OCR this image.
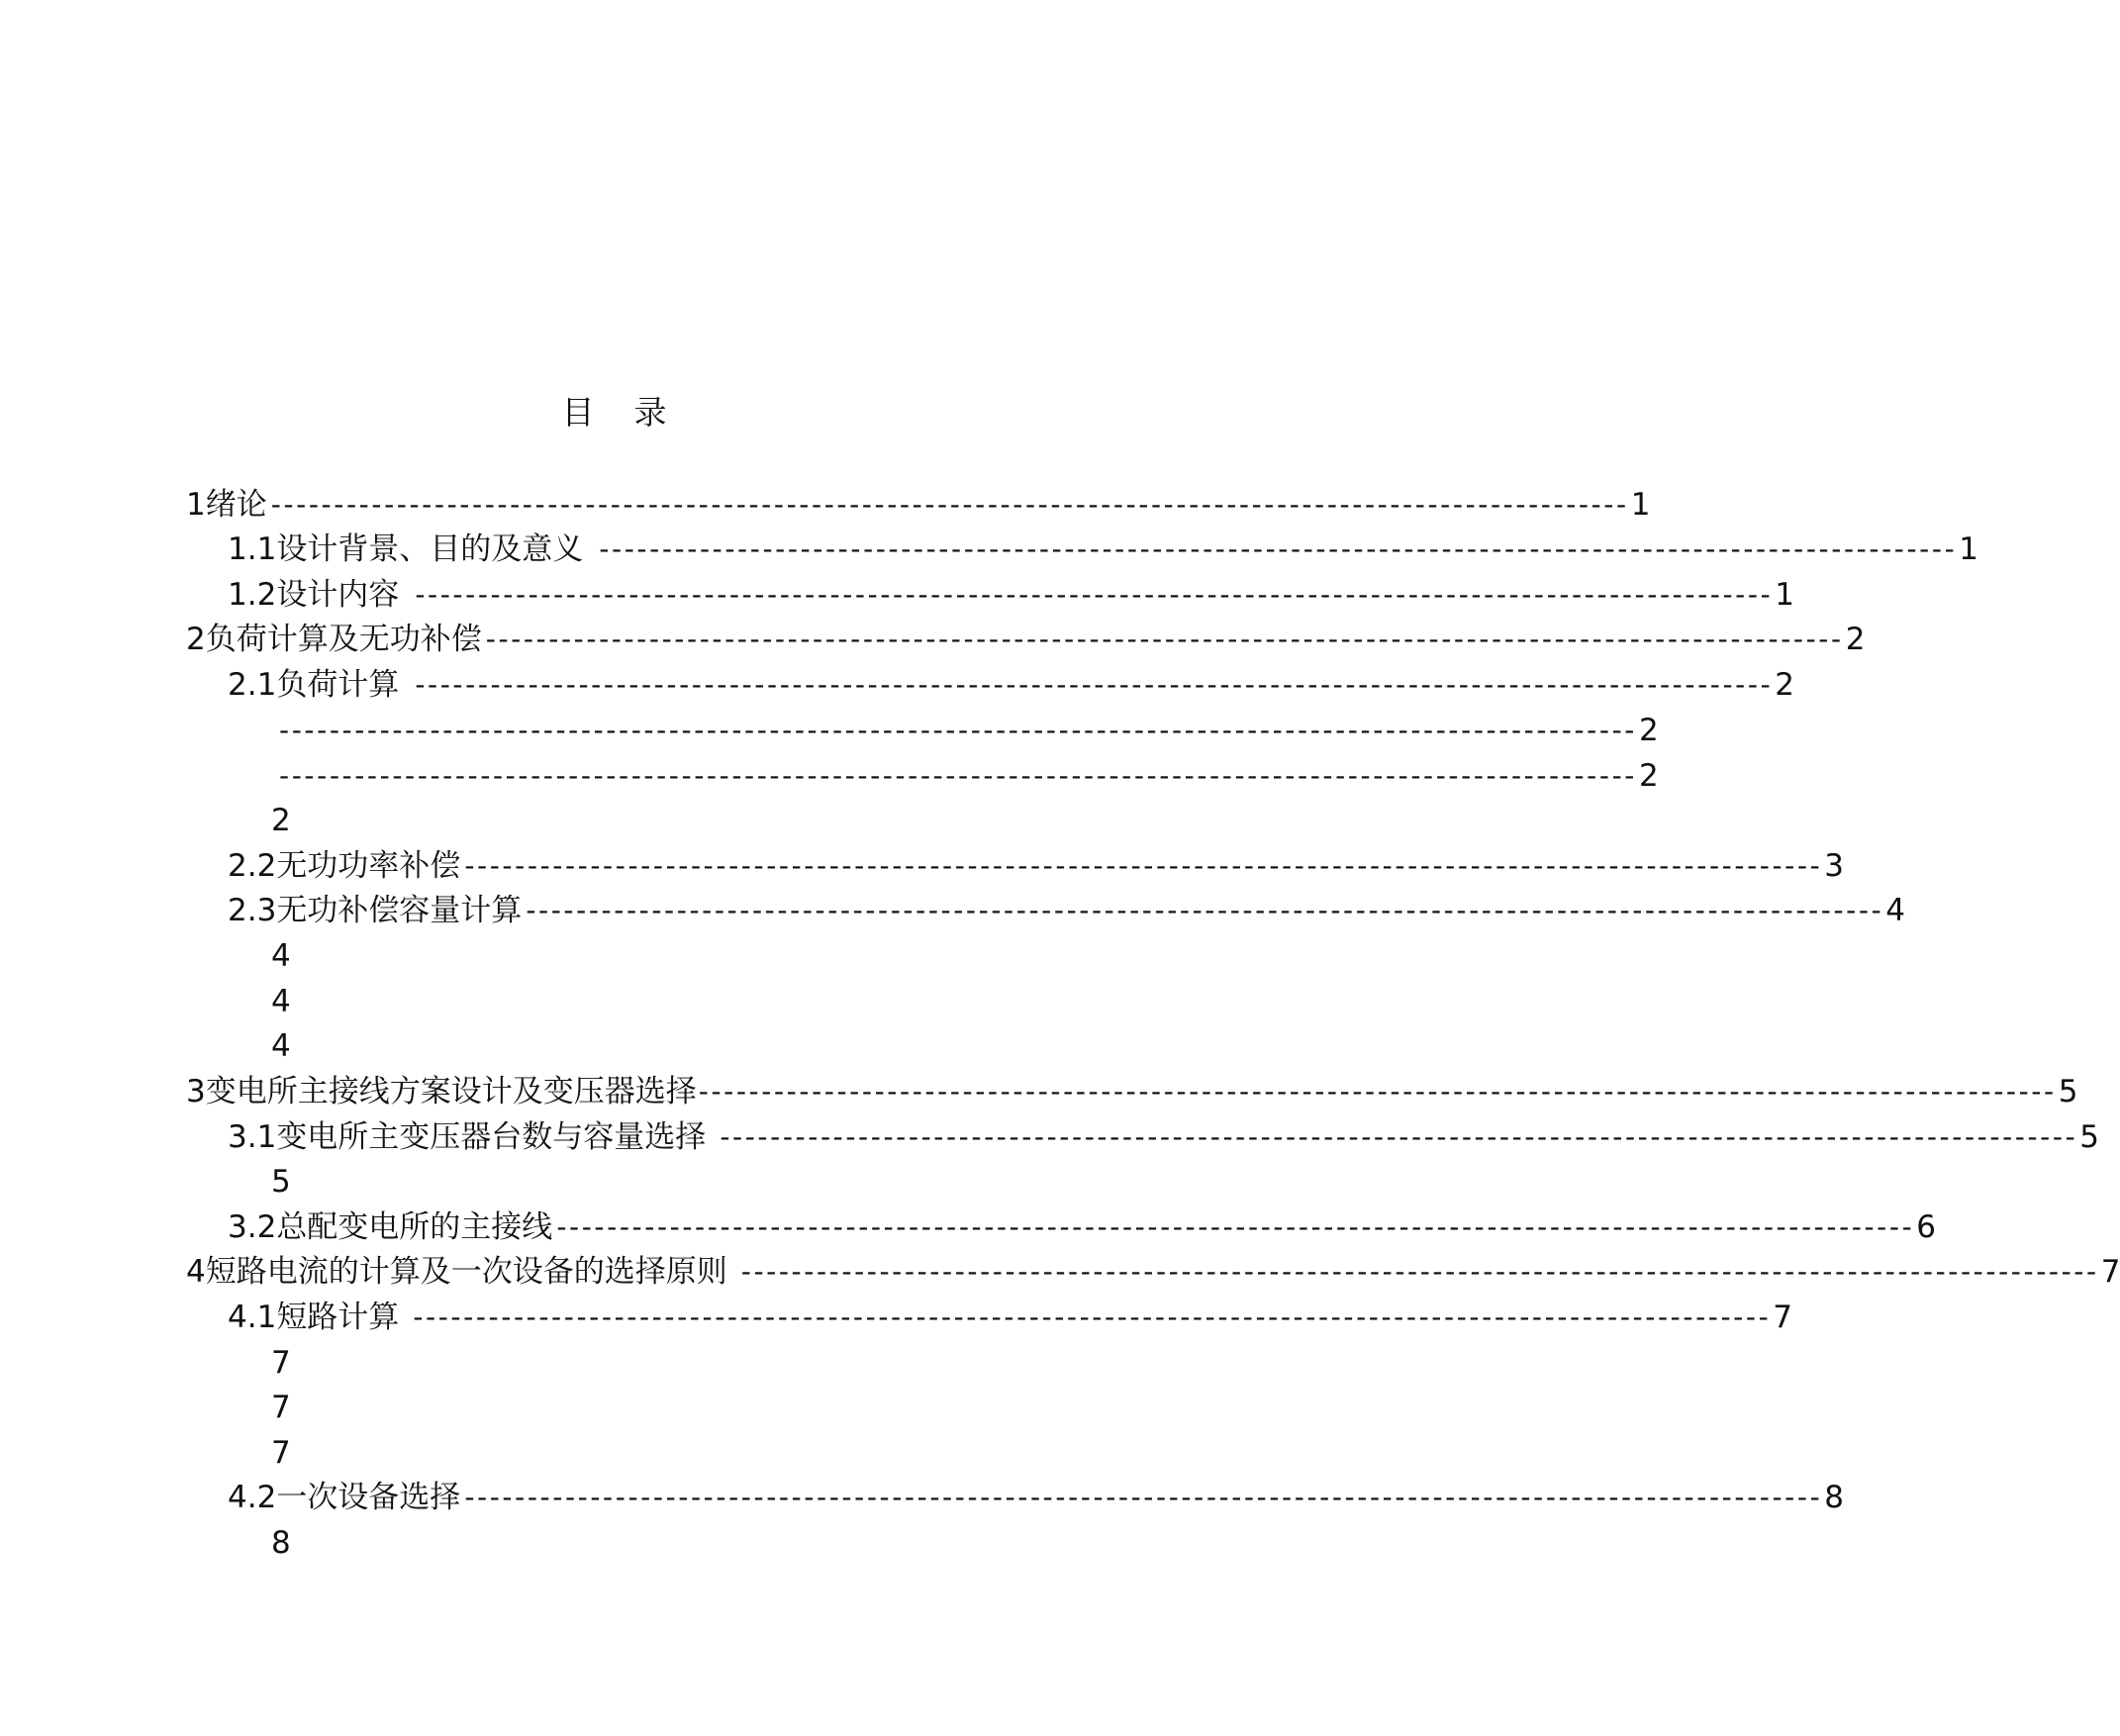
目 录
1 绪论 ------------------------------------------------------------------------------------------------------------ 1
1.1 设计背景、目的及意义 ------------------------------------------------------------------------------------------------------------ 1
1.2 设计内容 ------------------------------------------------------------------------------------------------------------ 1
2 负荷计算及无功补偿 ------------------------------------------------------------------------------------------------------------ 2
2.1 负荷计算 ------------------------------------------------------------------------------------------------------------ 2
------------------------------------------------------------------------------------------------------------ 2
------------------------------------------------------------------------------------------------------------ 2
2
2.2 无功功率补偿 ------------------------------------------------------------------------------------------------------------ 3
2.3 无功补偿容量计算 ------------------------------------------------------------------------------------------------------------ 4
4
4
4
3 变电所主接线方案设计及变压器选择 ------------------------------------------------------------------------------------------------------------ 5
3.1 变电所主变压器台数与容量选择 ------------------------------------------------------------------------------------------------------------ 5
5
3.2 总配变电所的主接线 ------------------------------------------------------------------------------------------------------------ 6
4 短路电流的计算及一次设备的选择原则 ------------------------------------------------------------------------------------------------------------ 7
4.1 短路计算 ------------------------------------------------------------------------------------------------------------ 7
7
7
7
4.2 一次设备选择 ------------------------------------------------------------------------------------------------------------ 8
8
